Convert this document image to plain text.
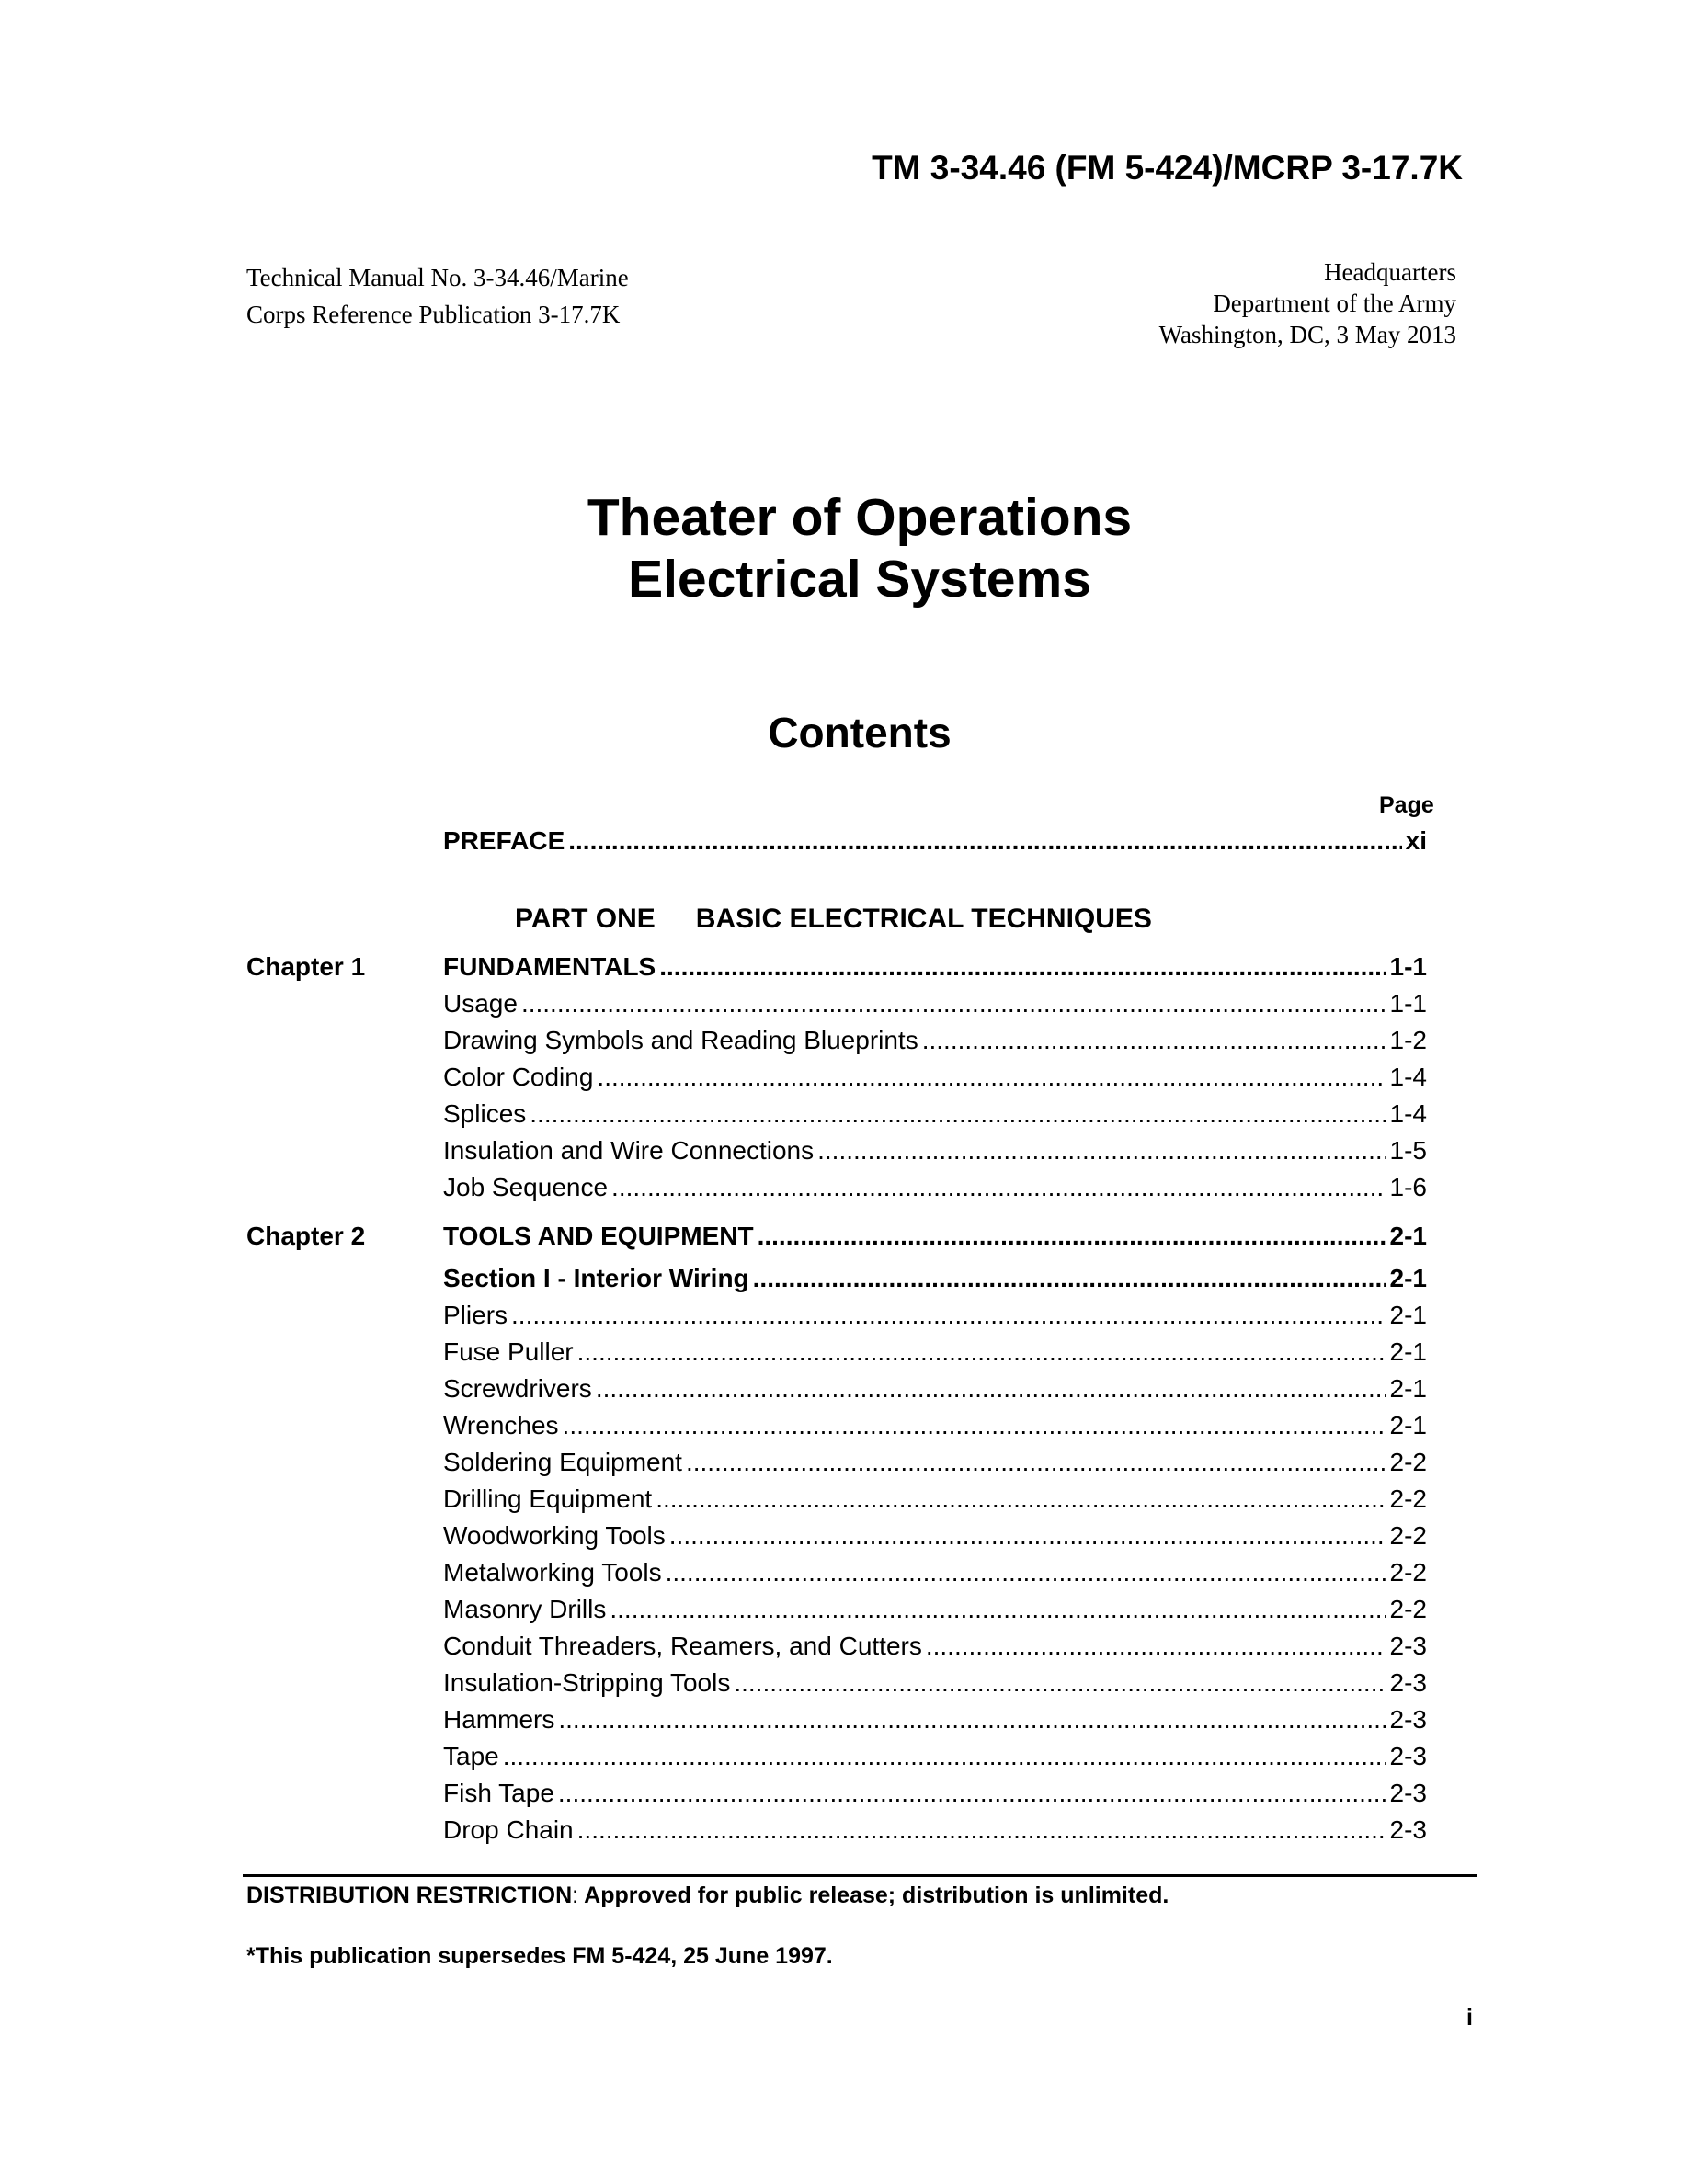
TM 3-34.46 (FM 5-424)/MCRP 3-17.7K
Technical Manual No. 3-34.46/Marine
Corps Reference Publication 3-17.7K
Headquarters
Department of the Army
Washington, DC, 3 May 2013
Theater of Operations
Electrical Systems
Contents
Page
PREFACE .....	xi
PART ONE BASIC ELECTRICAL TECHNIQUES
Chapter 1	FUNDAMENTALS .....	1-1
Usage .....	1-1
Drawing Symbols and Reading Blueprints .....	1-2
Color Coding .....	1-4
Splices .....	1-4
Insulation and Wire Connections .....	1-5
Job Sequence .....	1-6
Chapter 2	TOOLS AND EQUIPMENT .....	2-1
Section I - Interior Wiring .....	2-1
Pliers .....	2-1
Fuse Puller .....	2-1
Screwdrivers .....	2-1
Wrenches .....	2-1
Soldering Equipment .....	2-2
Drilling Equipment .....	2-2
Woodworking Tools .....	2-2
Metalworking Tools .....	2-2
Masonry Drills .....	2-2
Conduit Threaders, Reamers, and Cutters .....	2-3
Insulation-Stripping Tools .....	2-3
Hammers .....	2-3
Tape .....	2-3
Fish Tape .....	2-3
Drop Chain .....	2-3
DISTRIBUTION RESTRICTION: Approved for public release; distribution is unlimited.
*This publication supersedes FM 5-424, 25 June 1997.
i
